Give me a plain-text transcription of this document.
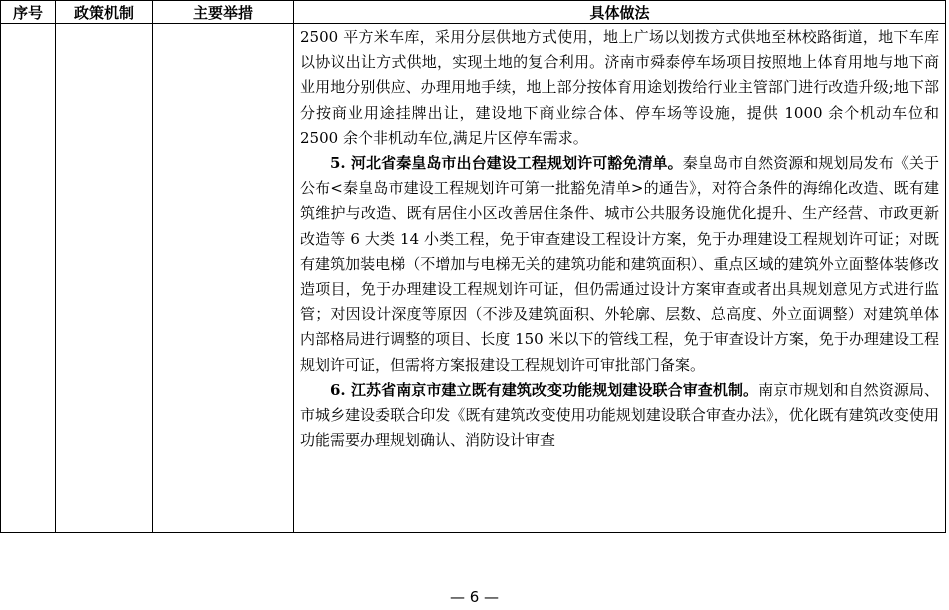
序号	政策机制	主要举措	具体做法

			2500 平方米车库，采用分层供地方式使用，地上广场以划拨方式供地至林校路街道，地下车库以协议出让方式供地，实现土地的复合利用。济南市舜泰停车场项目按照地上体育用地与地下商业用地分别供应、办理用地手续，地上部分按体育用途划拨给行业主管部门进行改造升级;地下部分按商业用途挂牌出让，建设地下商业综合体、停车场等设施，提供 1000 余个机动车位和 2500 余个非机动车位,满足片区停车需求。

5. 河北省秦皇岛市出台建设工程规划许可豁免清单。秦皇岛市自然资源和规划局发布《关于公布<秦皇岛市建设工程规划许可第一批豁免清单>的通告》，对符合条件的海绵化改造、既有建筑维护与改造、既有居住小区改善居住条件、城市公共服务设施优化提升、生产经营、市政更新改造等 6 大类 14 小类工程，免于审查建设工程设计方案，免于办理建设工程规划许可证；对既有建筑加装电梯（不增加与电梯无关的建筑功能和建筑面积）、重点区域的建筑外立面整体装修改造项目，免于办理建设工程规划许可证，但仍需通过设计方案审查或者出具规划意见方式进行监管；对因设计深度等原因（不涉及建筑面积、外轮廓、层数、总高度、外立面调整）对建筑单体内部格局进行调整的项目、长度 150 米以下的管线工程，免于审查设计方案，免于办理建设工程规划许可证，但需将方案报建设工程规划许可审批部门备案。

6. 江苏省南京市建立既有建筑改变功能规划建设联合审查机制。南京市规划和自然资源局、市城乡建设委联合印发《既有建筑改变使用功能规划建设联合审查办法》，优化既有建筑改变使用功能需要办理规划确认、消防设计审查

— 6 —
